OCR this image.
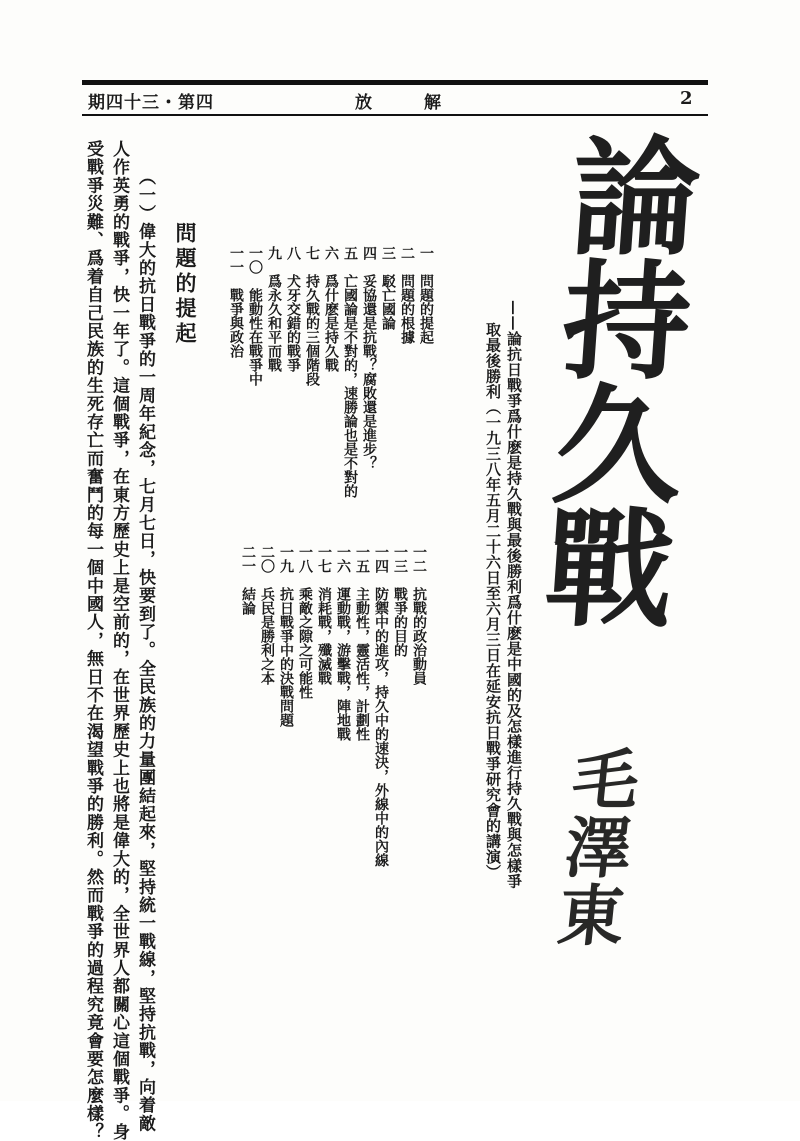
期四十三・第四	放解	2
論持久戰
——論抗日戰爭爲什麽是持久戰與最後勝利爲什麽是中國的及怎樣進行持久戰與怎樣爭
取最後勝利（一九三八年五月二十六日至六月三日在延安抗日戰爭研究會的講演） 毛澤東
一　問題的提起
二　問題的根據
三　駁亡國論
四　妥協還是抗戰？腐敗還是進步？
五　亡國論是不對的，速勝論也是不對的
六　爲什麽是持久戰
七　持久戰的三個階段
八　犬牙交錯的戰爭
九　爲永久和平而戰
一〇　能動性在戰爭中
一一　戰爭與政治
一二　抗戰的政治動員
一三　戰爭的目的
一四　防禦中的進攻，持久中的速決，外線中的內線
一五　主動性，靈活性，計劃性
一六　運動戰，游擊戰，陣地戰
一七　消耗戰，殲滅戰
一八　乘敵之隙之可能性
一九　抗日戰爭中的決戰問題
二〇　兵民是勝利之本
二一　結論
問題的提起
（一）偉大的抗日戰爭的一周年紀念，七月七日，快要到了。全民族的力量團結起來，堅持統一戰線，堅持抗戰，向着敵
人作英勇的戰爭，快一年了。這個戰爭，在東方歷史上是空前的，在世界歷史上也將是偉大的，全世界人都關心這個戰爭。身
受戰爭災難、爲着自己民族的生死存亡而奮鬥的每一個中國人，無日不在渴望戰爭的勝利。然而戰爭的過程究竟會要怎麼樣？
